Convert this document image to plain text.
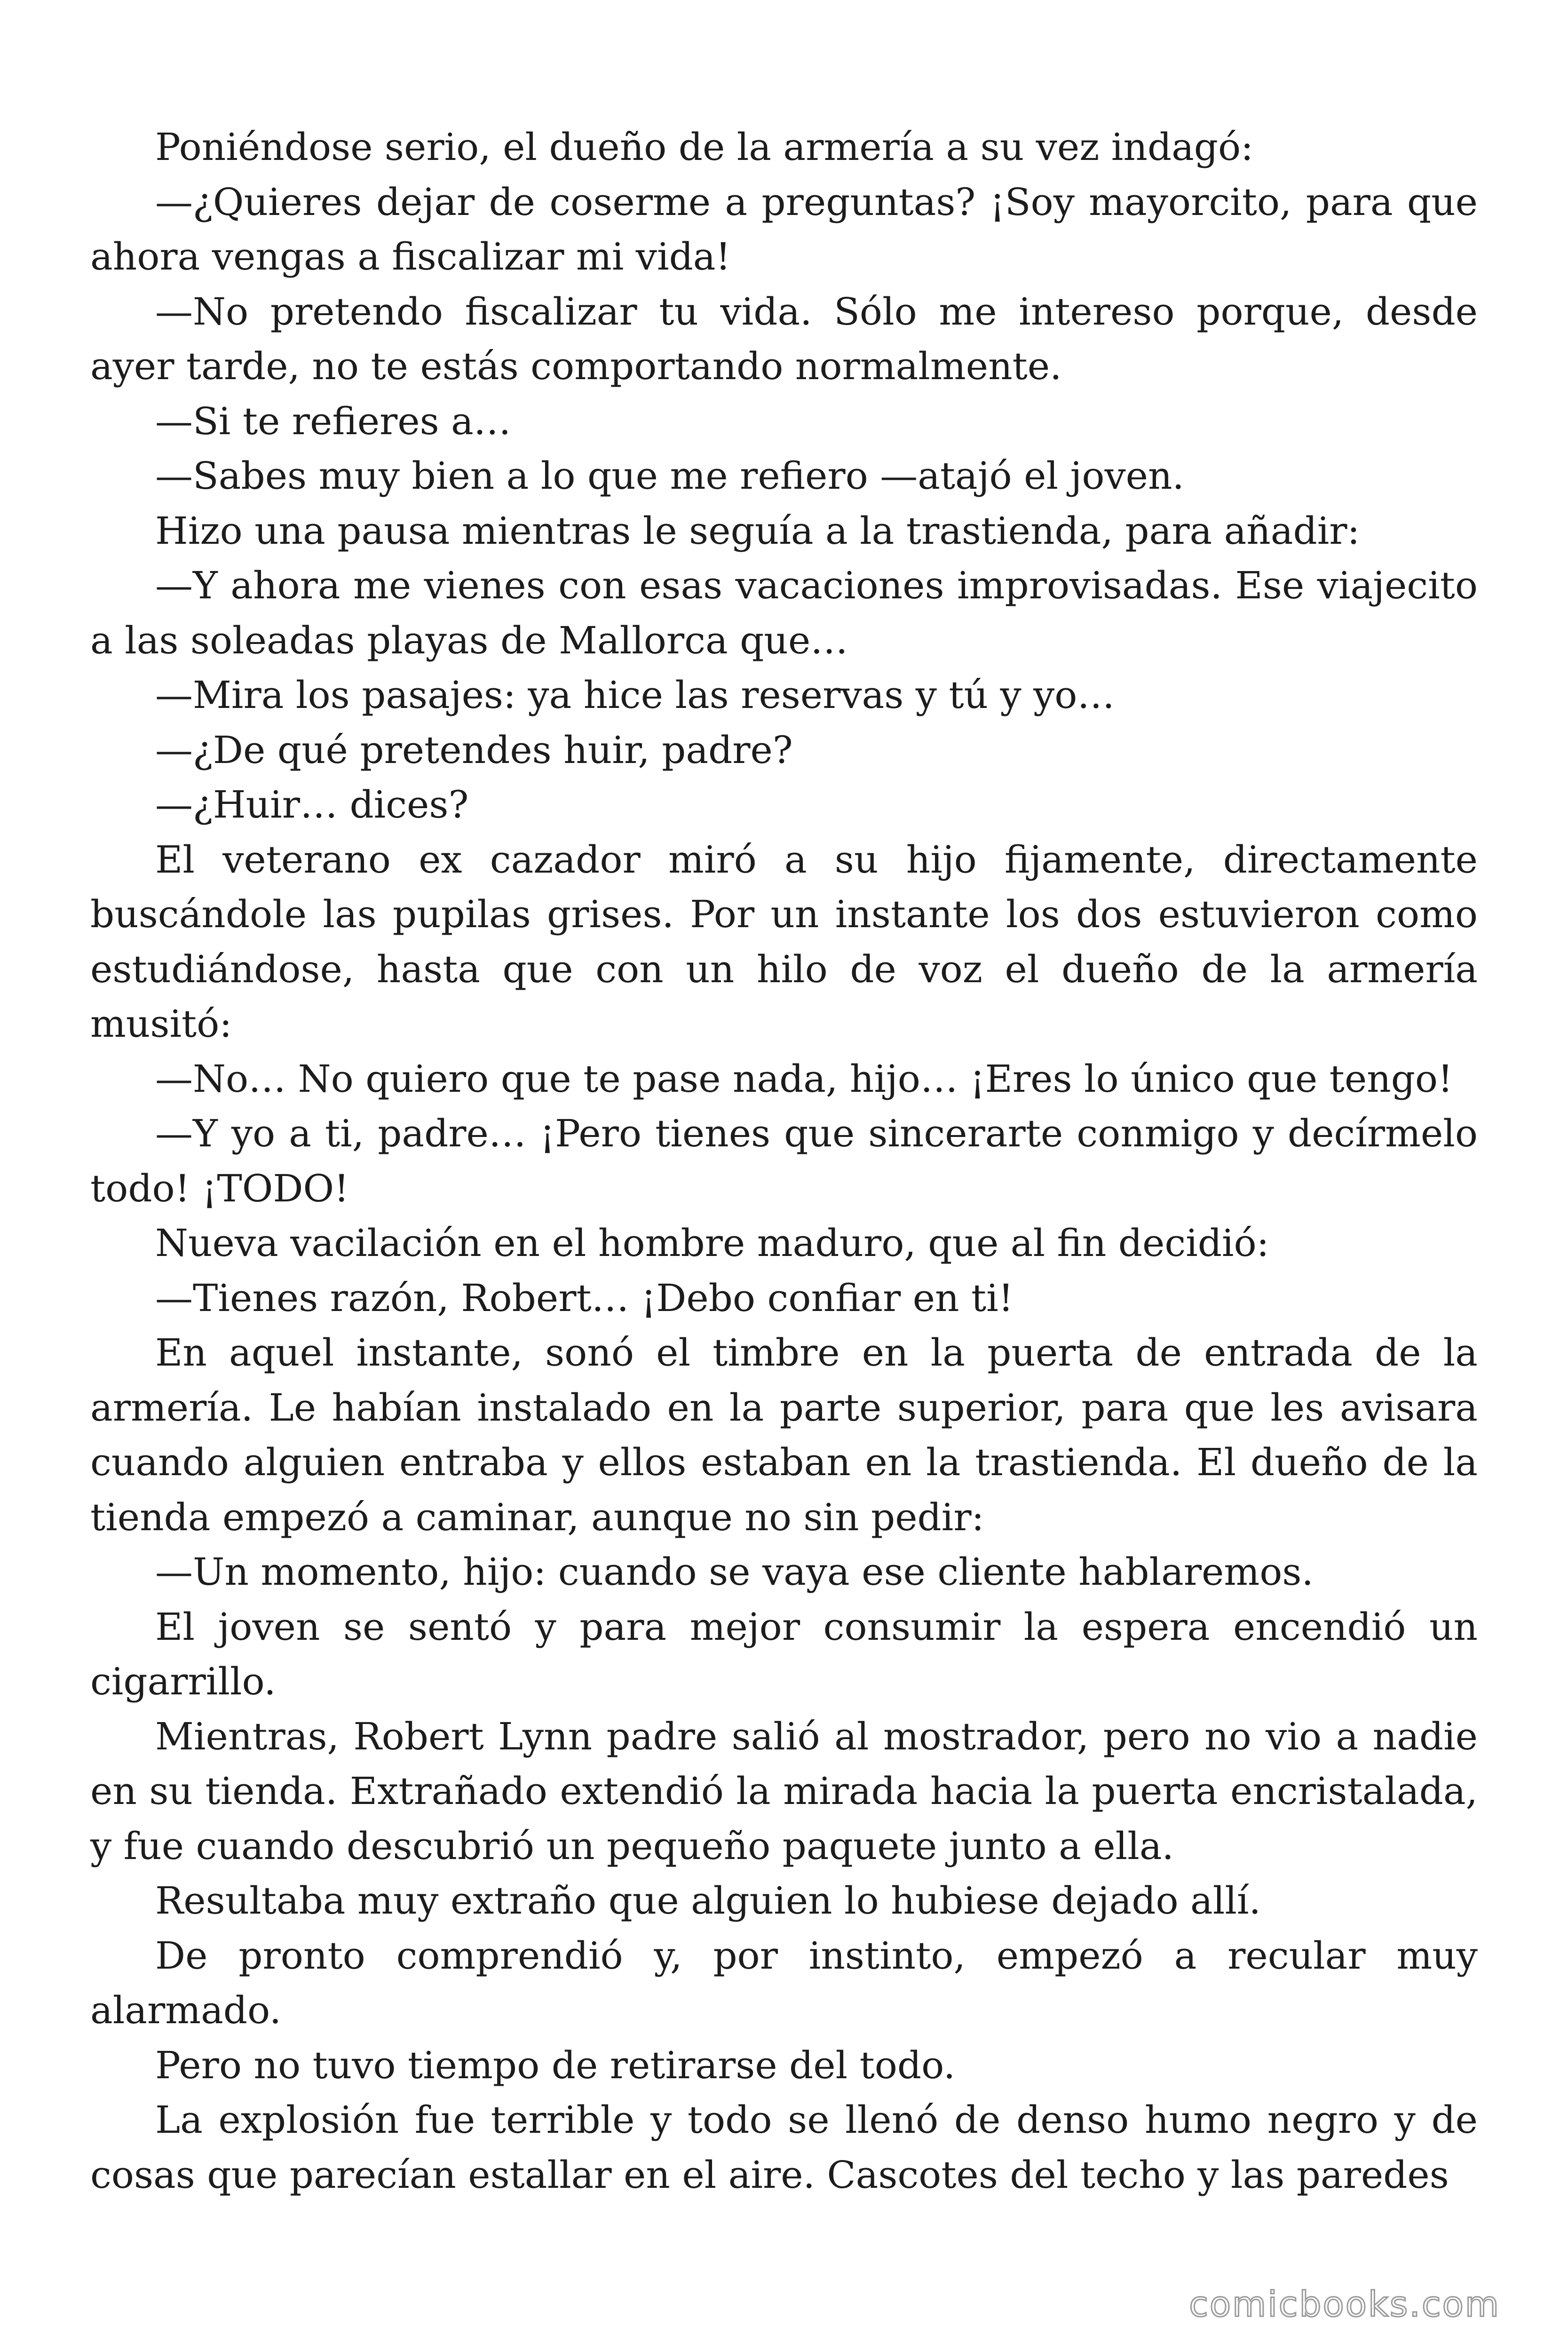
Poniéndose serio, el dueño de la armería a su vez indagó:

—¿Quieres dejar de coserme a preguntas? ¡Soy mayorcito, para que ahora vengas a fiscalizar mi vida!

—No pretendo fiscalizar tu vida. Sólo me intereso porque, desde ayer tarde, no te estás comportando normalmente.

—Si te refieres a…

—Sabes muy bien a lo que me refiero —atajó el joven.

Hizo una pausa mientras le seguía a la trastienda, para añadir:

—Y ahora me vienes con esas vacaciones improvisadas. Ese viajecito a las soleadas playas de Mallorca que…

—Mira los pasajes: ya hice las reservas y tú y yo…

—¿De qué pretendes huir, padre?

—¿Huir… dices?

El veterano ex cazador miró a su hijo fijamente, directamente buscándole las pupilas grises. Por un instante los dos estuvieron como estudiándose, hasta que con un hilo de voz el dueño de la armería musitó:

—No… No quiero que te pase nada, hijo… ¡Eres lo único que tengo!

—Y yo a ti, padre… ¡Pero tienes que sincerarte conmigo y decírmelo todo! ¡TODO!

Nueva vacilación en el hombre maduro, que al fin decidió:

—Tienes razón, Robert… ¡Debo confiar en ti!

En aquel instante, sonó el timbre en la puerta de entrada de la armería. Le habían instalado en la parte superior, para que les avisara cuando alguien entraba y ellos estaban en la trastienda. El dueño de la tienda empezó a caminar, aunque no sin pedir:

—Un momento, hijo: cuando se vaya ese cliente hablaremos.

El joven se sentó y para mejor consumir la espera encendió un cigarrillo.

Mientras, Robert Lynn padre salió al mostrador, pero no vio a nadie en su tienda. Extrañado extendió la mirada hacia la puerta encristalada, y fue cuando descubrió un pequeño paquete junto a ella.

Resultaba muy extraño que alguien lo hubiese dejado allí.

De pronto comprendió y, por instinto, empezó a recular muy alarmado.

Pero no tuvo tiempo de retirarse del todo.

La explosión fue terrible y todo se llenó de denso humo negro y de cosas que parecían estallar en el aire. Cascotes del techo y las paredes

comicbooks.com
